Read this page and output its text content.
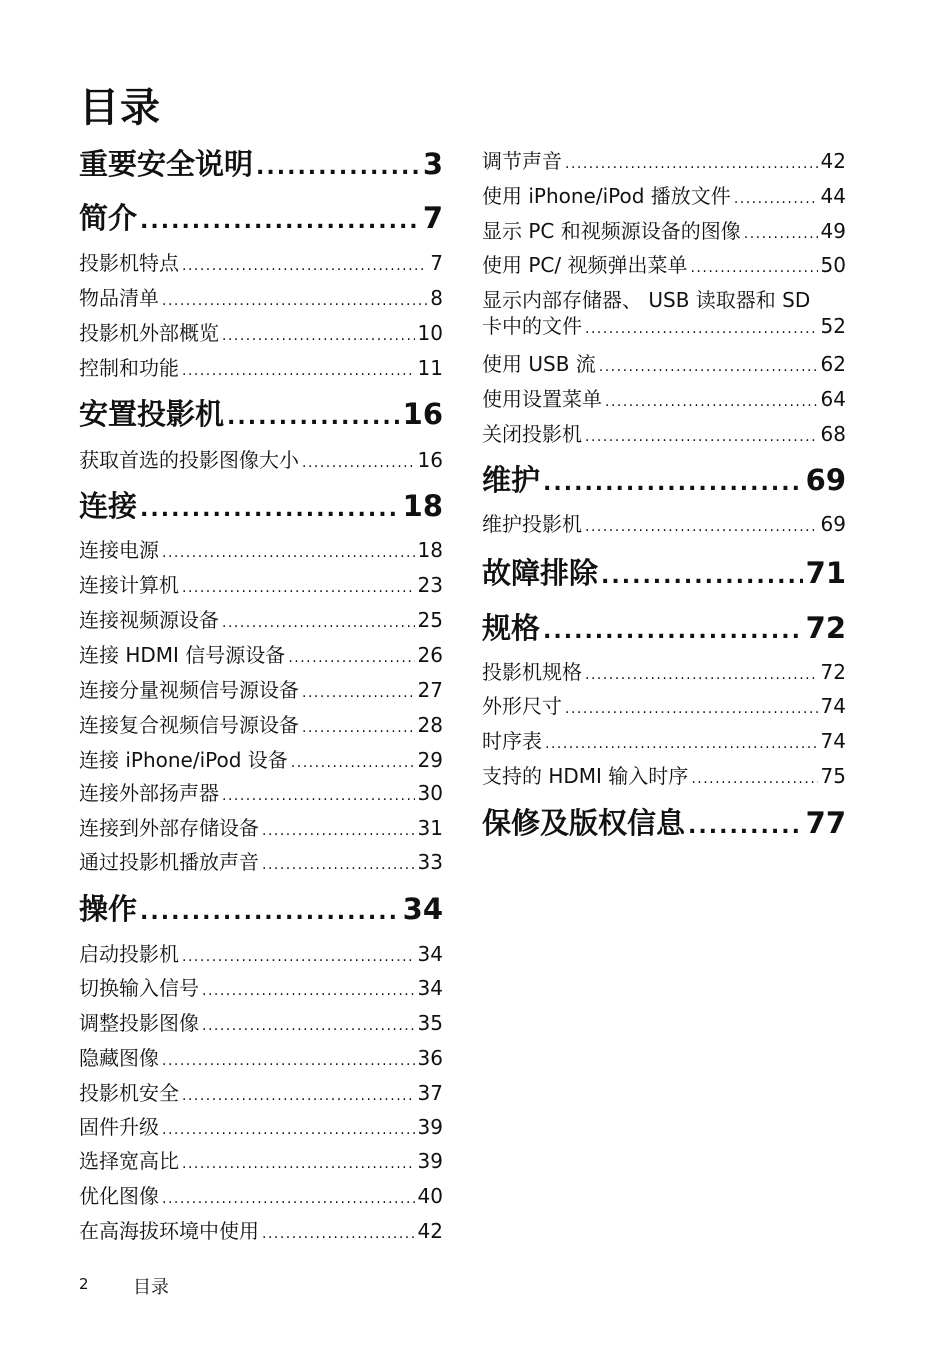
目录
重要安全说明 .....	3
简介 .....	7
投影机特点 .....	7
物品清单 .....	8
投影机外部概览 .....	10
控制和功能 .....	11
安置投影机 .....	16
获取首选的投影图像大小 .....	16
连接 .....	18
连接电源 .....	18
连接计算机 .....	23
连接视频源设备 .....	25
连接 HDMI 信号源设备 .....	26
连接分量视频信号源设备 .....	27
连接复合视频信号源设备 .....	28
连接 iPhone/iPod 设备 .....	29
连接外部扬声器 .....	30
连接到外部存储设备 .....	31
通过投影机播放声音 .....	33
操作 .....	34
启动投影机 .....	34
切换输入信号 .....	34
调整投影图像 .....	35
隐藏图像 .....	36
投影机安全 .....	37
固件升级 .....	39
选择宽高比 .....	39
优化图像 .....	40
在高海拔环境中使用 .....	42
调节声音 .....	42
使用 iPhone/iPod 播放文件 .....	44
显示 PC 和视频源设备的图像 .....	49
使用 PC/ 视频弹出菜单 .....	50
显示内部存储器、 USB 读取器和 SD
卡中的文件 .....	52
使用 USB 流 .....	62
使用设置菜单 .....	64
关闭投影机 .....	68
维护 .....	69
维护投影机 .....	69
故障排除 .....	71
规格 .....	72
投影机规格 .....	72
外形尺寸 .....	74
时序表 .....	74
支持的 HDMI 输入时序 .....	75
保修及版权信息 .....	77
2 目录
